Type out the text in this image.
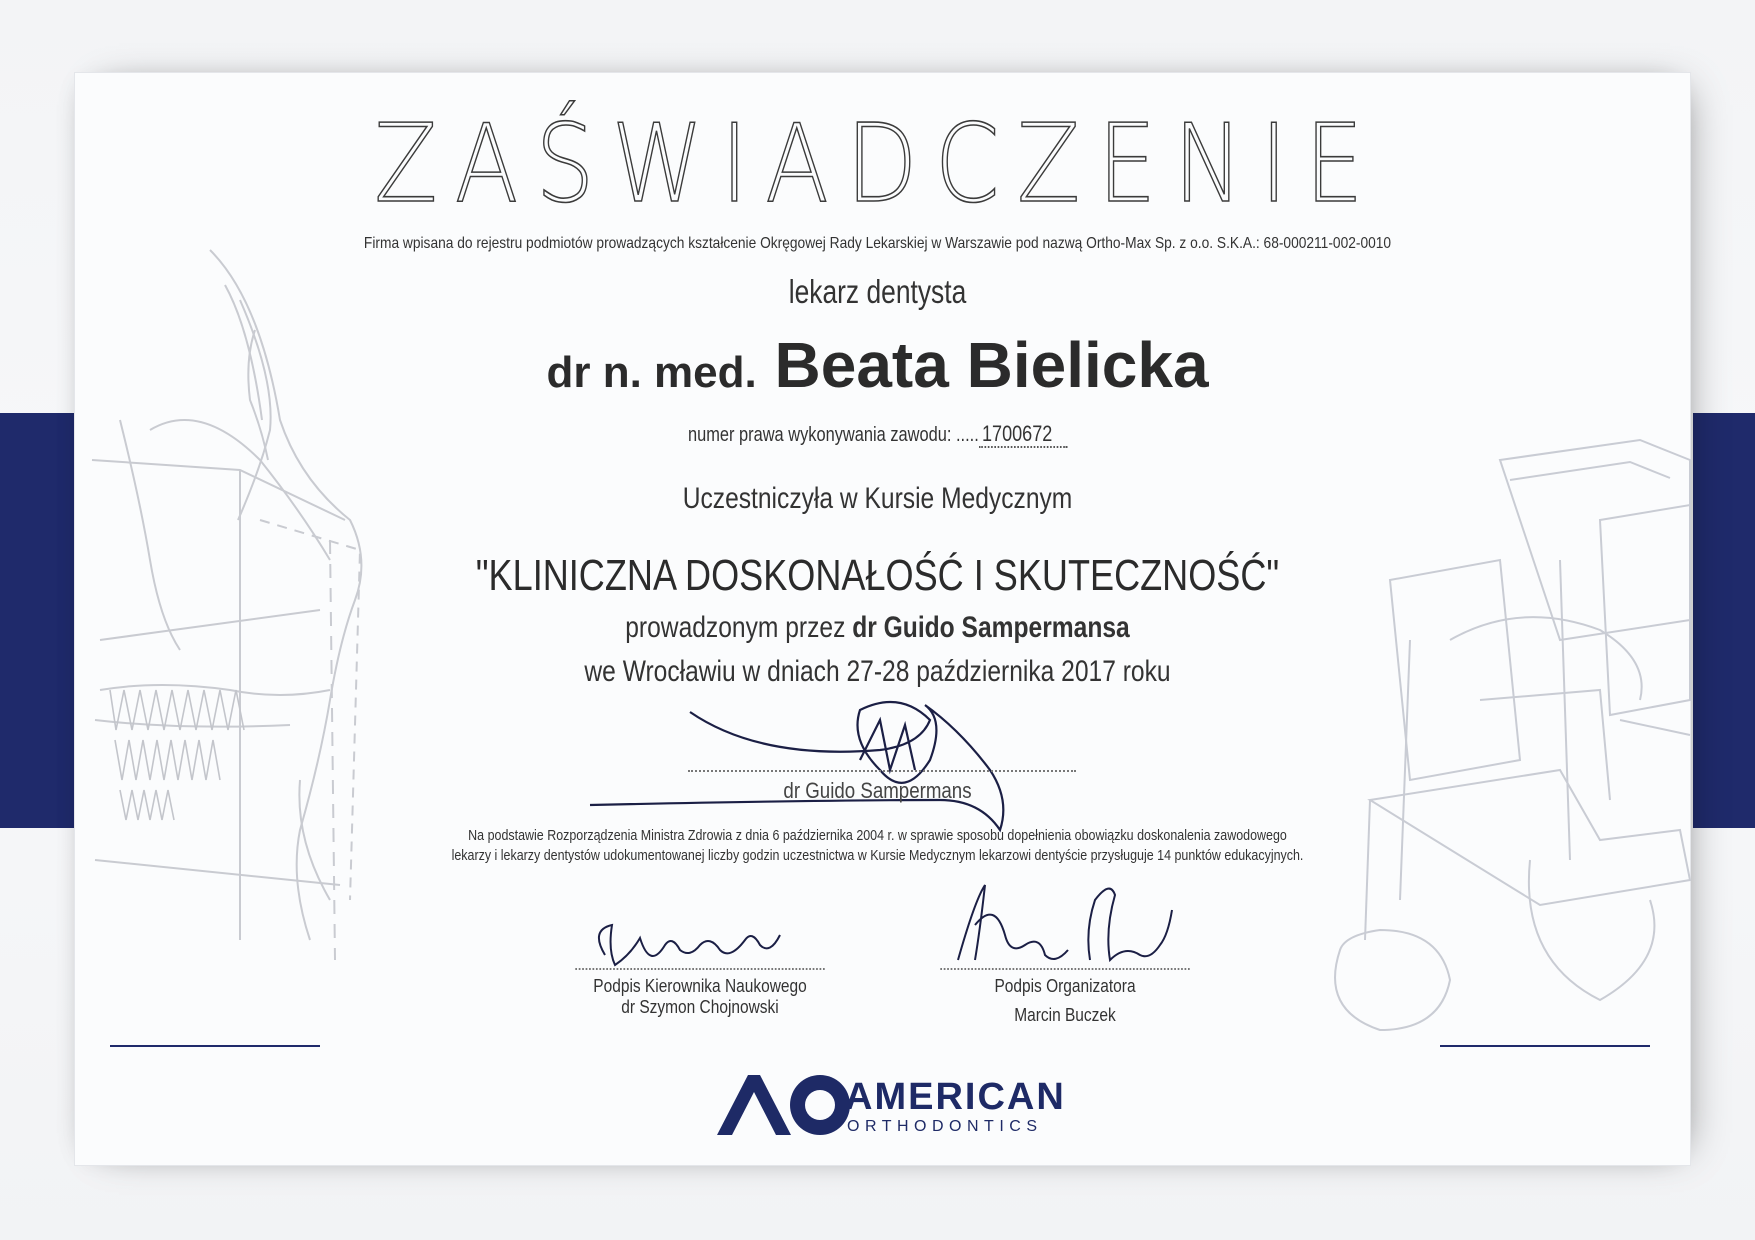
ZAŚWIADCZENIE
Firma wpisana do rejestru podmiotów prowadzących kształcenie Okręgowej Rady Lekarskiej w Warszawie pod nazwą Ortho-Max Sp. z o.o. S.K.A.: 68-000211-002-0010
lekarz dentysta
dr n. med. Beata Bielicka
numer prawa wykonywania zawodu: ..... 1700672
Uczestniczyła w Kursie Medycznym
"KLINICZNA DOSKONAŁOŚĆ I SKUTECZNOŚĆ"
prowadzonym przez dr Guido Sampermansa
we Wrocławiu w dniach 27-28 października 2017 roku
dr Guido Sampermans
Na podstawie Rozporządzenia Ministra Zdrowia z dnia 6 października 2004 r. w sprawie sposobu dopełnienia obowiązku doskonalenia zawodowego
lekarzy i lekarzy dentystów udokumentowanej liczby godzin uczestnictwa w Kursie Medycznym lekarzowi dentyście przysługuje 14 punktów edukacyjnych.
Podpis Kierownika Naukowego
dr Szymon Chojnowski
Podpis Organizatora
Marcin Buczek
AMERICAN
ORTHODONTICS
